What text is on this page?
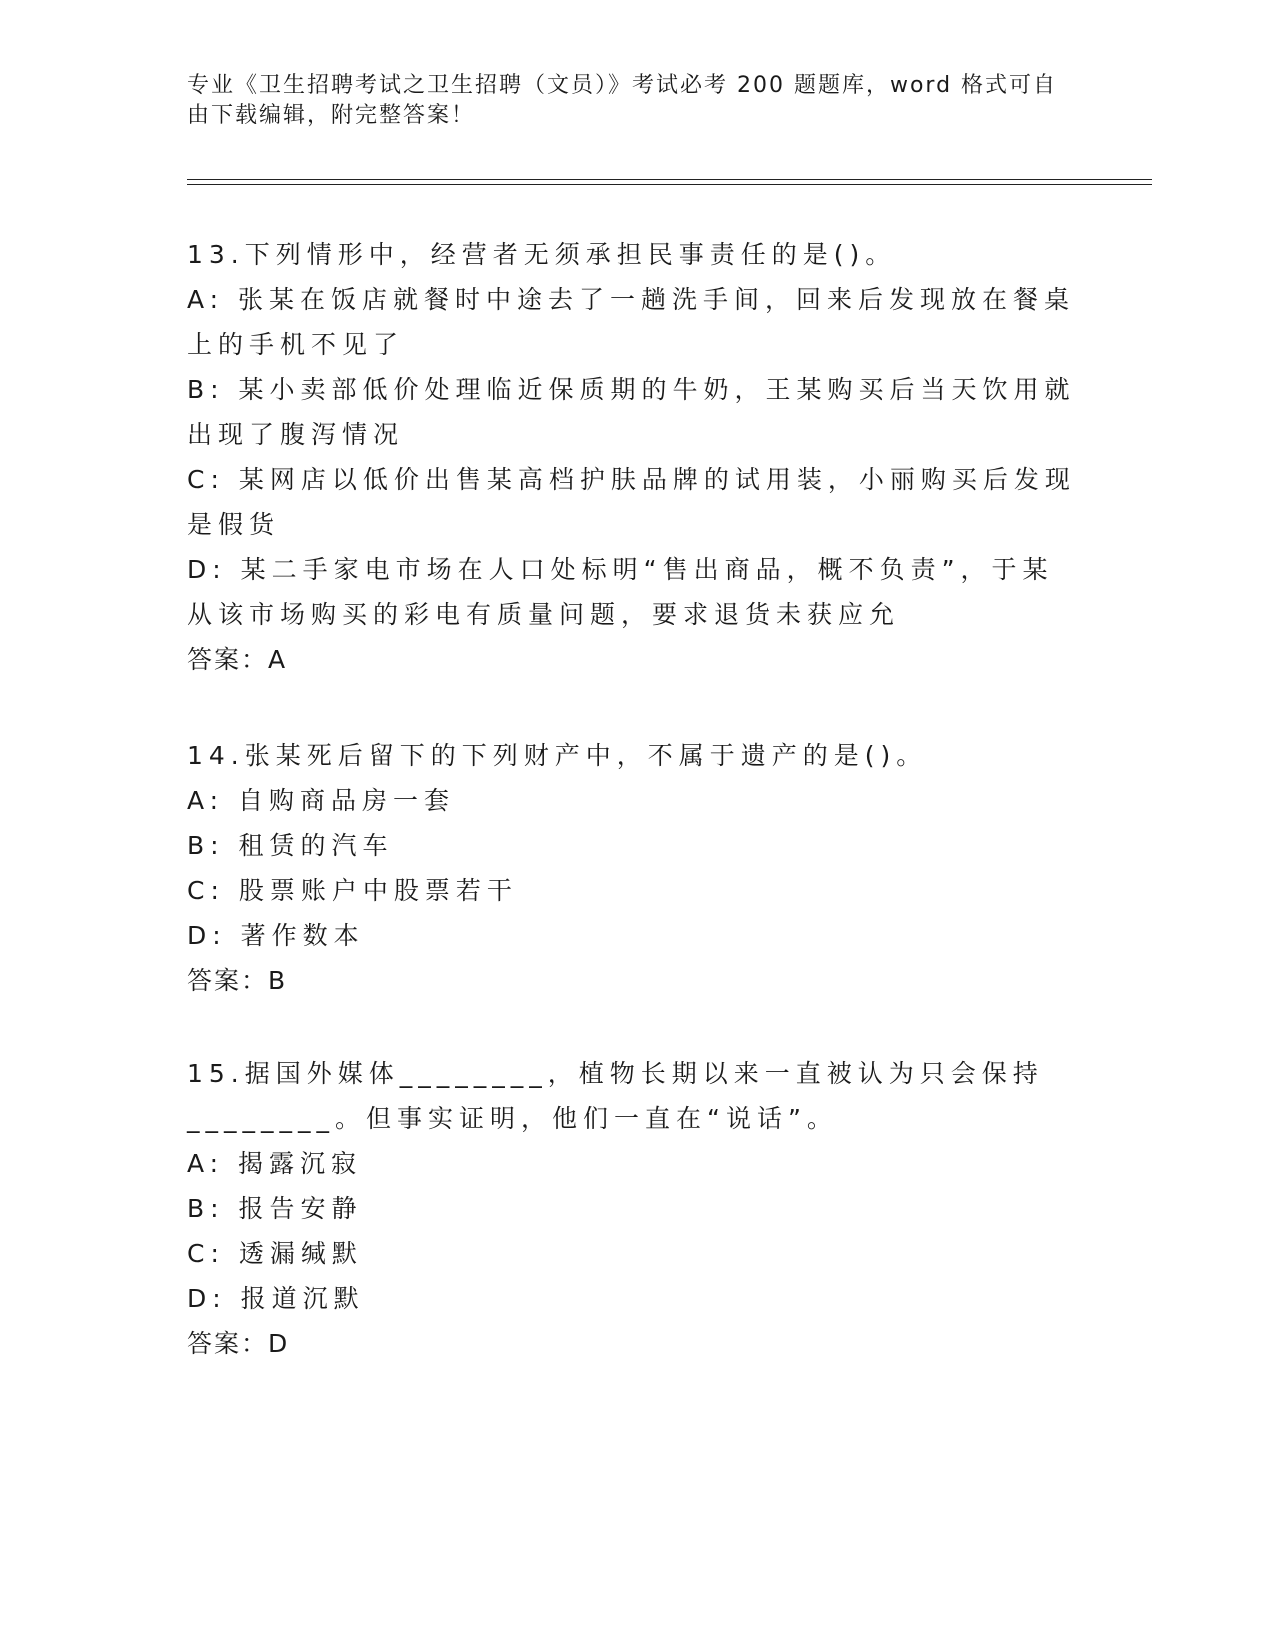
专业《卫生招聘考试之卫生招聘（文员）》考试必考 200 题题库，word 格式可自由下载编辑，附完整答案！
13.下列情形中，经营者无须承担民事责任的是()。
A: 张某在饭店就餐时中途去了一趟洗手间，回来后发现放在餐桌上的手机不见了
B: 某小卖部低价处理临近保质期的牛奶，王某购买后当天饮用就出现了腹泻情况
C: 某网店以低价出售某高档护肤品牌的试用装，小丽购买后发现是假货
D: 某二手家电市场在人口处标明“售出商品，概不负责”，于某从该市场购买的彩电有质量问题，要求退货未获应允
答案：A
14.张某死后留下的下列财产中，不属于遗产的是()。
A: 自购商品房一套
B: 租赁的汽车
C: 股票账户中股票若干
D: 著作数本
答案：B
15.据国外媒体________，植物长期以来一直被认为只会保持________。但事实证明，他们一直在“说话”。
A: 揭露沉寂
B: 报告安静
C: 透漏缄默
D: 报道沉默
答案：D
